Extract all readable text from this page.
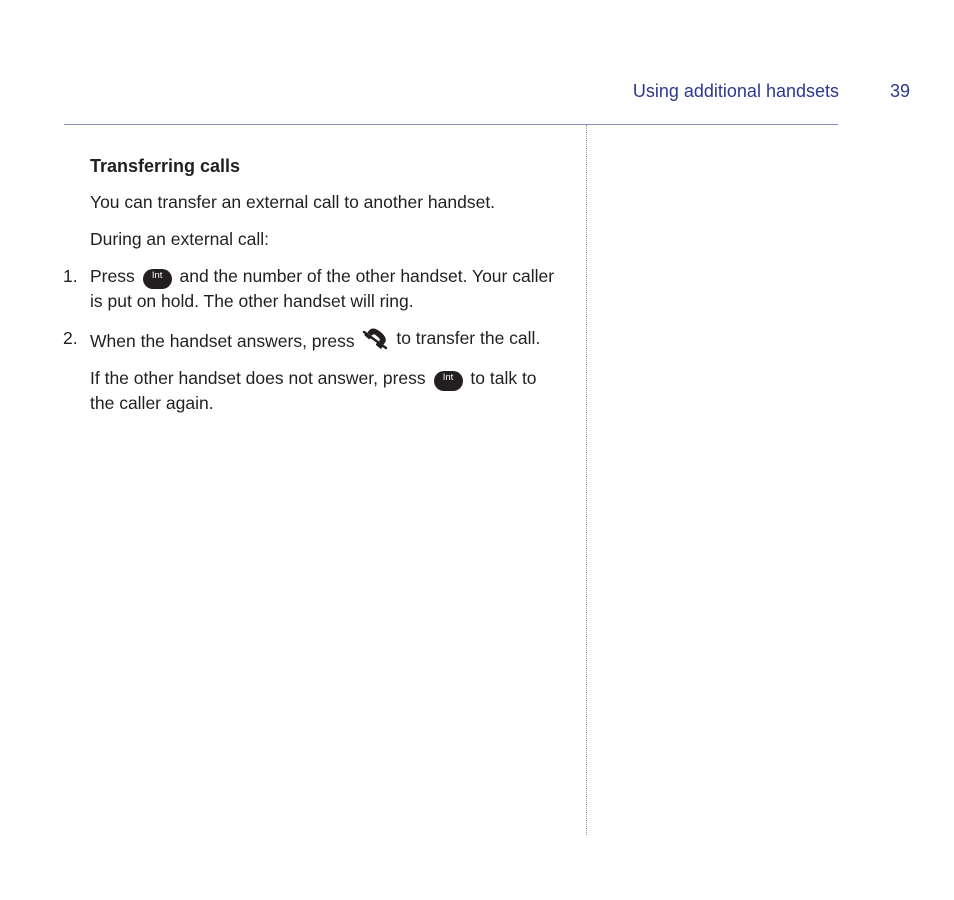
Using additional handsets	39
Transferring calls
You can transfer an external call to another handset.
During an external call:
1. Press Int and the number of the other handset. Your caller is put on hold. The other handset will ring.
2. When the handset answers, press to transfer the call.
If the other handset does not answer, press Int to talk to the caller again.
